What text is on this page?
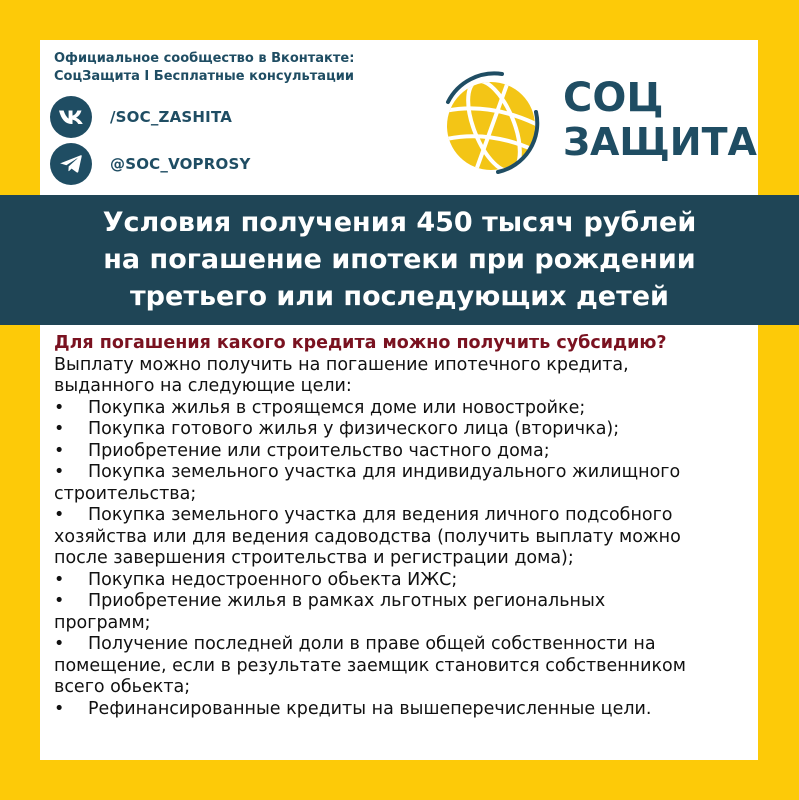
Официальное сообщество в Вконтакте:
СоцЗащита I Бесплатные консультации
/SOC_ZASHITA
@SOC_VOPROSY
СОЦ
ЗАЩИТА
Условия получения 450 тысяч рублей
на погашение ипотеки при рождении
третьего или последующих детей
Для погашения какого кредита можно получить субсидию?
Выплату можно получить на погашение ипотечного кредита,
выданного на следующие цели:
• Покупка жилья в строящемся доме или новостройке;
• Покупка готового жилья у физического лица (вторичка);
• Приобретение или строительство частного дома;
• Покупка земельного участка для индивидуального жилищного
строительства;
• Покупка земельного участка для ведения личного подсобного
хозяйства или для ведения садоводства (получить выплату можно
после завершения строительства и регистрации дома);
• Покупка недостроенного обьекта ИЖС;
• Приобретение жилья в рамках льготных региональных
программ;
• Получение последней доли в праве общей собственности на
помещение, если в результате заемщик становится собственником
всего обьекта;
• Рефинансированные кредиты на вышеперечисленные цели.
